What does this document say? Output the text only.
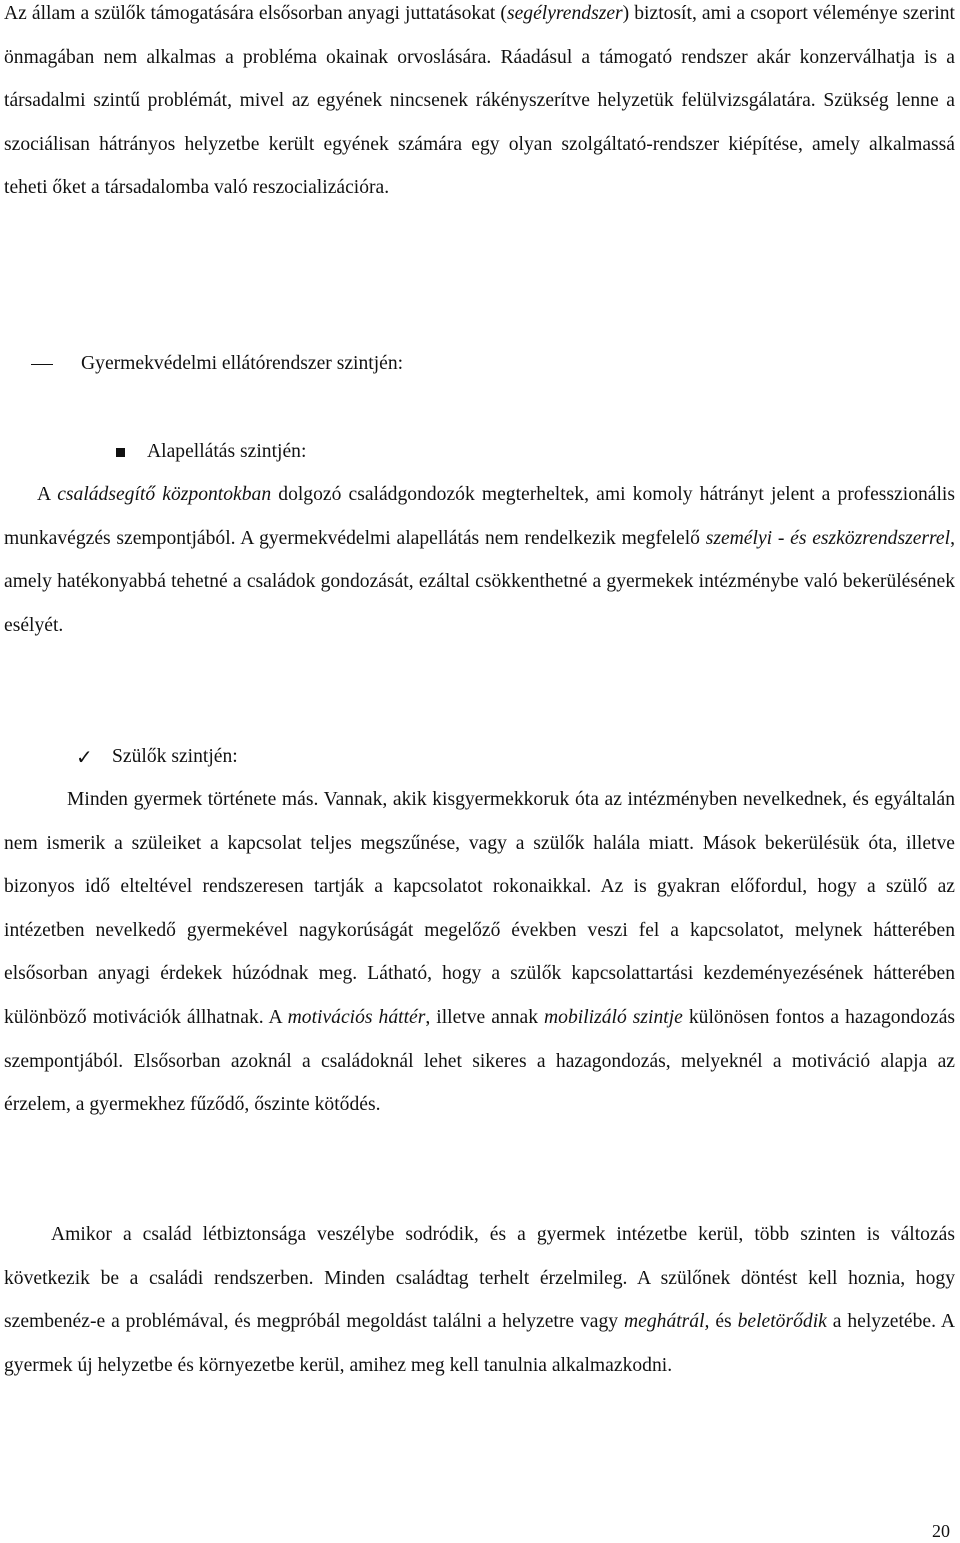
Az állam a szülők támogatására elsősorban anyagi juttatásokat (segélyrendszer) biztosít, ami a csoport véleménye szerint önmagában nem alkalmas a probléma okainak orvoslására. Ráadásul a támogató rendszer akár konzerválhatja is a társadalmi szintű problémát, mivel az egyének nincsenek rákényszerítve helyzetük felülvizsgálatára. Szükség lenne a szociálisan hátrányos helyzetbe került egyének számára egy olyan szolgáltató-rendszer kiépítése, amely alkalmassá teheti őket a társadalomba való reszocializációra.

Gyermekvédelmi ellátórendszer szintjén:
Alapellátás szintjén:

A családsegítő központokban dolgozó családgondozók megterheltek, ami komoly hátrányt jelent a professzionális munkavégzés szempontjából. A gyermekvédelmi alapellátás nem rendelkezik megfelelő személyi - és eszközrendszerrel, amely hatékonyabbá tehetné a családok gondozását, ezáltal csökkenthetné a gyermekek intézménybe való bekerülésének esélyét.

✓ Szülők szintjén:

Minden gyermek története más. Vannak, akik kisgyermekkoruk óta az intézményben nevelkednek, és egyáltalán nem ismerik a szüleiket a kapcsolat teljes megszűnése, vagy a szülők halála miatt. Mások bekerülésük óta, illetve bizonyos idő elteltével rendszeresen tartják a kapcsolatot rokonaikkal. Az is gyakran előfordul, hogy a szülő az intézetben nevelkedő gyermekével nagykorúságát megelőző években veszi fel a kapcsolatot, melynek hátterében elsősorban anyagi érdekek húzódnak meg. Látható, hogy a szülők kapcsolattartási kezdeményezésének hátterében különböző motivációk állhatnak. A motivációs háttér, illetve annak mobilizáló szintje különösen fontos a hazagondozás szempontjából. Elsősorban azoknál a családoknál lehet sikeres a hazagondozás, melyeknél a motiváció alapja az érzelem, a gyermekhez fűződő, őszinte kötődés.

Amikor a család létbiztonsága veszélybe sodródik, és a gyermek intézetbe kerül, több szinten is változás következik be a családi rendszerben. Minden családtag terhelt érzelmileg. A szülőnek döntést kell hoznia, hogy szembenéz-e a problémával, és megpróbál megoldást találni a helyzetre vagy meghátrál, és beletörődik a helyzetébe. A gyermek új helyzetbe és környezetbe kerül, amihez meg kell tanulnia alkalmazkodni.

20
